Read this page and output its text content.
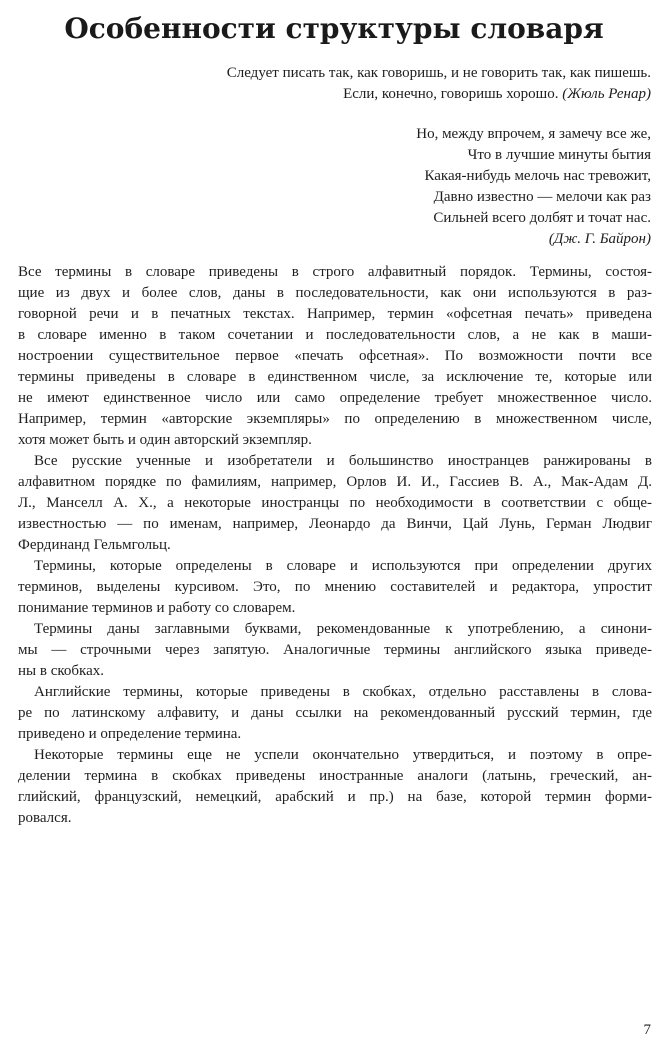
Особенности структуры словаря
Следует писать так, как говоришь, и не говорить так, как пишешь.
Если, конечно, говоришь хорошо. (Жюль Ренар)
Но, между впрочем, я замечу все же,
Что в лучшие минуты бытия
Какая-нибудь мелочь нас тревожит,
Давно известно — мелочи как раз
Сильней всего долбят и точат нас.
(Дж. Г. Байрон)

Все термины в словаре приведены в строго алфавитный порядок. Термины, состоя-
щие из двух и более слов, даны в последовательности, как они используются в раз-
говорной речи и в печатных текстах. Например, термин «офсетная печать» приведена
в словаре именно в таком сочетании и последовательности слов, а не как в маши-
ностроении существительное первое «печать офсетная». По возможности почти все
термины приведены в словаре в единственном числе, за исключение те, которые или
не имеют единственное число или само определение требует множественное число.
Например, термин «авторские экземпляры» по определению в множественном числе,
хотя может быть и один авторский экземпляр.

Все русские ученные и изобретатели и большинство иностранцев ранжированы в
алфавитном порядке по фамилиям, например, Орлов И. И., Гассиев В. А., Мак-Адам Д.
Л., Манселл А. Х., а некоторые иностранцы по необходимости в соответствии с обще-
известностью — по именам, например, Леонардо да Винчи, Цай Лунь, Герман Людвиг
Фердинанд Гельмгольц.

Термины, которые определены в словаре и используются при определении других
терминов, выделены курсивом. Это, по мнению составителей и редактора, упростит
понимание терминов и работу со словарем.

Термины даны заглавными буквами, рекомендованные к употреблению, а синони-
мы — строчными через запятую. Аналогичные термины английского языка приведе-
ны в скобках.

Английские термины, которые приведены в скобках, отдельно расставлены в слова-
ре по латинскому алфавиту, и даны ссылки на рекомендованный русский термин, где
приведено и определение термина.

Некоторые термины еще не успели окончательно утвердиться, и поэтому в опре-
делении термина в скобках приведены иностранные аналоги (латынь, греческий, ан-
глийский, французский, немецкий, арабский и пр.) на базе, которой термин форми-
ровался.

7
